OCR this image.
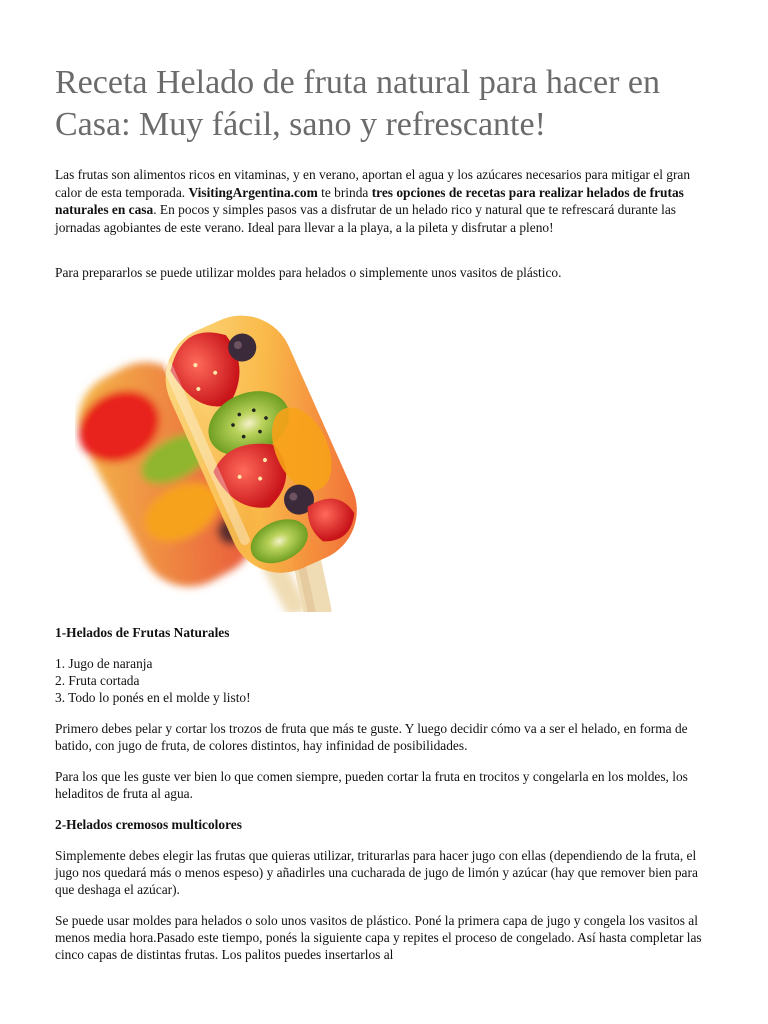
Receta Helado de fruta natural para hacer en Casa: Muy fácil, sano y refrescante!

Las frutas son alimentos ricos en vitaminas, y en verano, aportan el agua y los azúcares necesarios para mitigar el gran calor de esta temporada. VisitingArgentina.com te brinda tres opciones de recetas para realizar helados de frutas naturales en casa. En pocos y simples pasos vas a disfrutar de un helado rico y natural que te refrescará durante las jornadas agobiantes de este verano. Ideal para llevar a la playa, a la pileta y disfrutar a pleno!

Para prepararlos se puede utilizar moldes para helados o simplemente unos vasitos de plástico.

1-Helados de Frutas Naturales
1. Jugo de naranja
2. Fruta cortada
3. Todo lo ponés en el molde y listo!

Primero debes pelar y cortar los trozos de fruta que más te guste. Y luego decidir cómo va a ser el helado, en forma de batido, con jugo de fruta, de colores distintos, hay infinidad de posibilidades.

Para los que les guste ver bien lo que comen siempre, pueden cortar la fruta en trocitos y congelarla en los moldes, los heladitos de fruta al agua.

2-Helados cremosos multicolores

Simplemente debes elegir las frutas que quieras utilizar, triturarlas para hacer jugo con ellas (dependiendo de la fruta, el jugo nos quedará más o menos espeso) y añadirles una cucharada de jugo de limón y azúcar (hay que remover bien para que deshaga el azúcar).

Se puede usar moldes para helados o solo unos vasitos de plástico. Poné la primera capa de jugo y congela los vasitos al menos media hora.Pasado este tiempo, ponés la siguiente capa y repites el proceso de congelado. Así hasta completar las cinco capas de distintas frutas. Los palitos puedes insertarlos al
